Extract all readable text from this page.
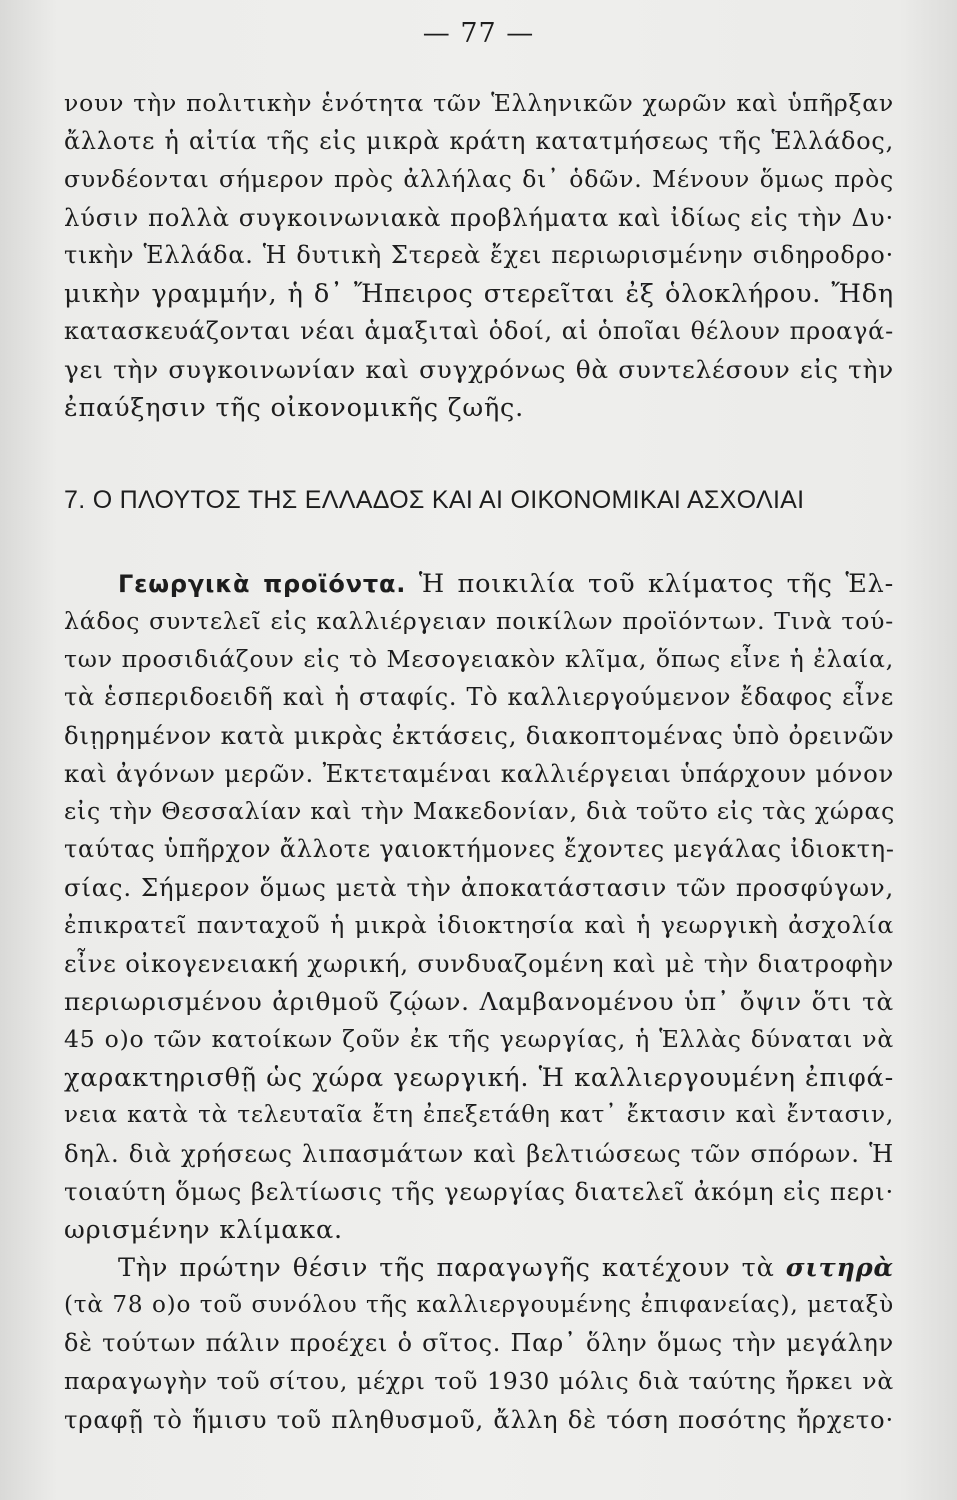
— 77 —
νουν τὴν πολιτικὴν ἑνότητα τῶν Ἑλληνικῶν χωρῶν καὶ ὑπῆρξαν
ἄλλοτε ἡ αἰτία τῆς εἰς μικρὰ κράτη κατατμήσεως τῆς Ἑλλάδος,
συνδέονται σήμερον πρὸς ἀλλήλας δι᾽ ὁδῶν. Μένουν ὅμως πρὸς
λύσιν πολλὰ συγκοινωνιακὰ προβλήματα καὶ ἰδίως εἰς τὴν Δυ·
τικὴν Ἑλλάδα. Ἡ δυτικὴ Στερεὰ ἔχει περιωρισμένην σιδηροδρο·
μικὴν γραμμήν, ἡ δ᾽ Ἤπειρος στερεῖται ἐξ ὁλοκλήρου. Ἤδη
κατασκευάζονται νέαι ἁμαξιταὶ ὁδοί, αἱ ὁποῖαι θέλουν προαγά-
γει τὴν συγκοινωνίαν καὶ συγχρόνως θὰ συντελέσουν εἰς τὴν
ἐπαύξησιν τῆς οἰκονομικῆς ζωῆς.
7. Ο ΠΛΟΥΤΟΣ ΤΗΣ ΕΛΛΑΔΟΣ ΚΑΙ ΑΙ ΟΙΚΟΝΟΜΙΚΑΙ ΑΣΧΟΛΙΑΙ
Γεωργικὰ προϊόντα. Ἡ ποικιλία τοῦ κλίματος τῆς Ἑλ-
λάδος συντελεῖ εἰς καλλιέργειαν ποικίλων προϊόντων. Τινὰ τού-
των προσιδιάζουν εἰς τὸ Μεσογειακὸν κλῖμα, ὅπως εἶνε ἡ ἐλαία,
τὰ ἑσπεριδοειδῆ καὶ ἡ σταφίς. Τὸ καλλιεργούμενον ἔδαφος εἶνε
διῃρημένον κατὰ μικρὰς ἐκτάσεις, διακοπτομένας ὑπὸ ὀρεινῶν
καὶ ἀγόνων μερῶν. Ἐκτεταμέναι καλλιέργειαι ὑπάρχουν μόνον
εἰς τὴν Θεσσαλίαν καὶ τὴν Μακεδονίαν, διὰ τοῦτο εἰς τὰς χώρας
ταύτας ὑπῆρχον ἄλλοτε γαιοκτήμονες ἔχοντες μεγάλας ἰδιοκτη-
σίας. Σήμερον ὅμως μετὰ τὴν ἀποκατάστασιν τῶν προσφύγων,
ἐπικρατεῖ πανταχοῦ ἡ μικρὰ ἰδιοκτησία καὶ ἡ γεωργικὴ ἀσχολία
εἶνε οἰκογενειακή χωρική, συνδυαζομένη καὶ μὲ τὴν διατροφὴν
περιωρισμένου ἀριθμοῦ ζῴων. Λαμβανομένου ὑπ᾽ ὄψιν ὅτι τὰ
45 ο)ο τῶν κατοίκων ζοῦν ἐκ τῆς γεωργίας, ἡ Ἑλλὰς δύναται νὰ
χαρακτηρισθῇ ὡς χώρα γεωργική. Ἡ καλλιεργουμένη ἐπιφά-
νεια κατὰ τὰ τελευταῖα ἔτη ἐπεξετάθη κατ᾽ ἔκτασιν καὶ ἔντασιν,
δηλ. διὰ χρήσεως λιπασμάτων καὶ βελτιώσεως τῶν σπόρων. Ἡ
τοιαύτη ὅμως βελτίωσις τῆς γεωργίας διατελεῖ ἀκόμη εἰς περι·
ωρισμένην κλίμακα.
Τὴν πρώτην θέσιν τῆς παραγωγῆς κατέχουν τὰ σιτηρὰ
(τὰ 78 ο)ο τοῦ συνόλου τῆς καλλιεργουμένης ἐπιφανείας), μεταξὺ
δὲ τούτων πάλιν προέχει ὁ σῖτος. Παρ᾽ ὅλην ὅμως τὴν μεγάλην
παραγωγὴν τοῦ σίτου, μέχρι τοῦ 1930 μόλις διὰ ταύτης ἤρκει νὰ
τραφῇ τὸ ἥμισυ τοῦ πληθυσμοῦ, ἄλλη δὲ τόση ποσότης ἤρχετο·
